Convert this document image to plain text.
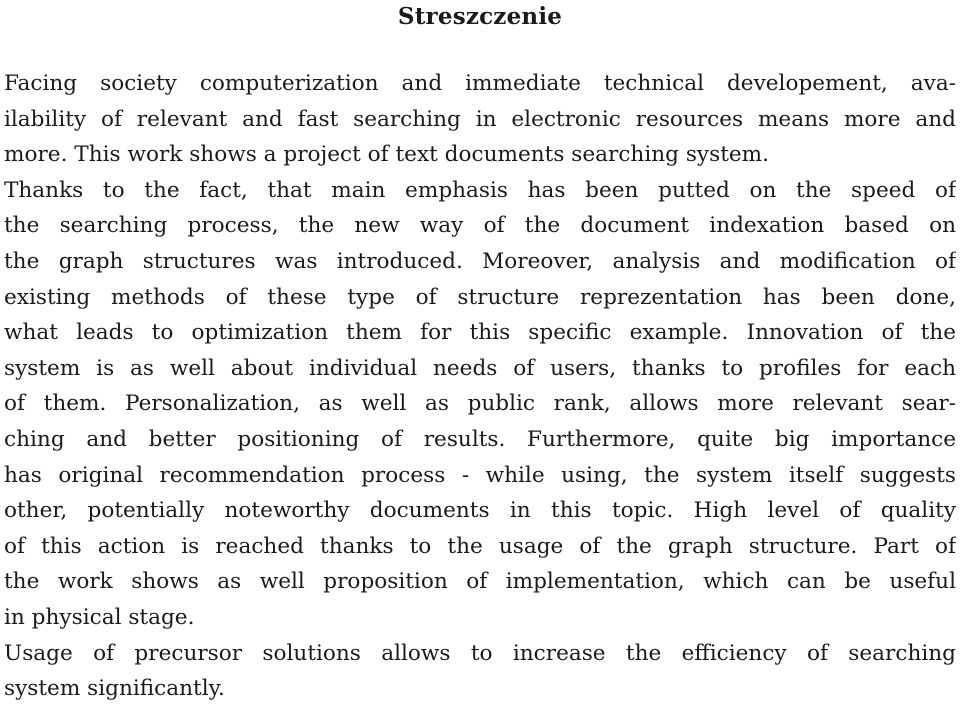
Streszczenie
Facing society computerization and immediate technical developement, ava-
ilability of relevant and fast searching in electronic resources means more and
more. This work shows a project of text documents searching system.
Thanks to the fact, that main emphasis has been putted on the speed of
the searching process, the new way of the document indexation based on
the graph structures was introduced. Moreover, analysis and modification of
existing methods of these type of structure reprezentation has been done,
what leads to optimization them for this specific example. Innovation of the
system is as well about individual needs of users, thanks to profiles for each
of them. Personalization, as well as public rank, allows more relevant sear-
ching and better positioning of results. Furthermore, quite big importance
has original recommendation process - while using, the system itself suggests
other, potentially noteworthy documents in this topic. High level of quality
of this action is reached thanks to the usage of the graph structure. Part of
the work shows as well proposition of implementation, which can be useful
in physical stage.
Usage of precursor solutions allows to increase the efficiency of searching
system significantly.
